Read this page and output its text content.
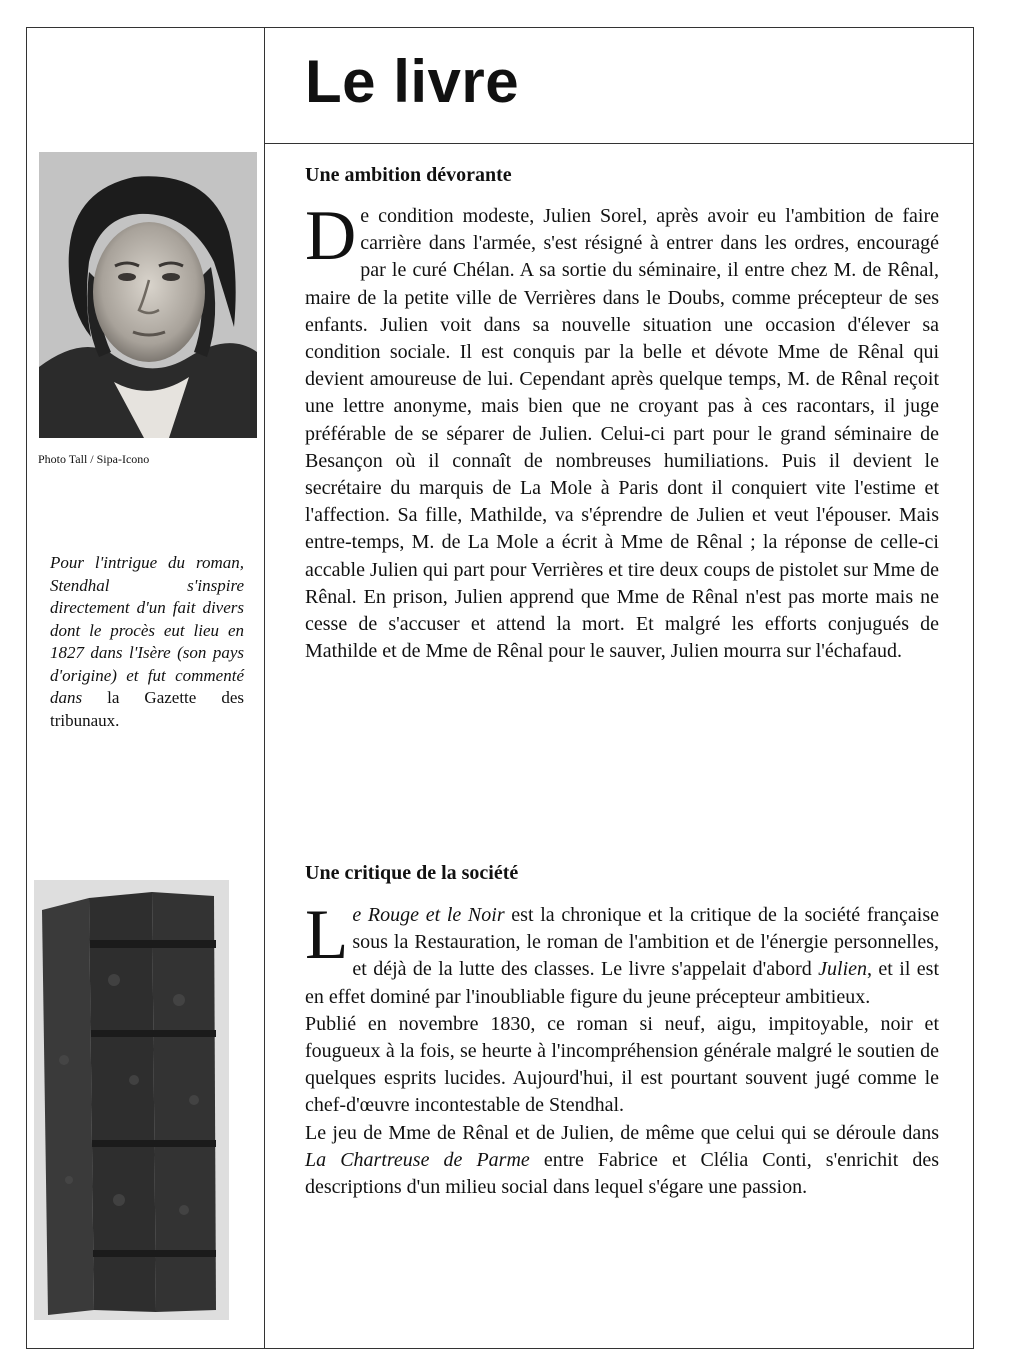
Le livre
Photo Tall / Sipa-Icono

Pour l'intrigue du roman, Stendhal s'inspire directement d'un fait divers dont le procès eut lieu en 1827 dans l'Isère (son pays d'origine) et fut commenté dans la Gazette des tribunaux.

Une ambition dévorante

De condition modeste, Julien Sorel, après avoir eu l'ambition de faire carrière dans l'armée, s'est résigné à entrer dans les ordres, encouragé par le curé Chélan. A sa sortie du séminaire, il entre chez M. de Rênal, maire de la petite ville de Verrières dans le Doubs, comme précepteur de ses enfants. Julien voit dans sa nouvelle situation une occasion d'élever sa condition sociale. Il est conquis par la belle et dévote Mme de Rênal qui devient amoureuse de lui. Cependant après quelque temps, M. de Rênal reçoit une lettre anonyme, mais bien que ne croyant pas à ces racontars, il juge préférable de se séparer de Julien. Celui-ci part pour le grand séminaire de Besançon où il connaît de nombreuses humiliations. Puis il devient le secrétaire du marquis de La Mole à Paris dont il conquiert vite l'estime et l'affection. Sa fille, Mathilde, va s'éprendre de Julien et veut l'épouser. Mais entre-temps, M. de La Mole a écrit à Mme de Rênal ; la réponse de celle-ci accable Julien qui part pour Verrières et tire deux coups de pistolet sur Mme de Rênal. En prison, Julien apprend que Mme de Rênal n'est pas morte mais ne cesse de s'accuser et attend la mort. Et malgré les efforts conjugués de Mathilde et de Mme de Rênal pour le sauver, Julien mourra sur l'échafaud.

Une critique de la société

Le Rouge et le Noir est la chronique et la critique de la société française sous la Restauration, le roman de l'ambition et de l'énergie personnelles, et déjà de la lutte des classes. Le livre s'appelait d'abord Julien, et il est en effet dominé par l'inoubliable figure du jeune précepteur ambitieux.

Publié en novembre 1830, ce roman si neuf, aigu, impitoyable, noir et fougueux à la fois, se heurte à l'incompréhension générale malgré le soutien de quelques esprits lucides. Aujourd'hui, il est pourtant souvent jugé comme le chef-d'œuvre incontestable de Stendhal.

Le jeu de Mme de Rênal et de Julien, de même que celui qui se déroule dans La Chartreuse de Parme entre Fabrice et Clélia Conti, s'enrichit des descriptions d'un milieu social dans lequel s'égare une passion.
